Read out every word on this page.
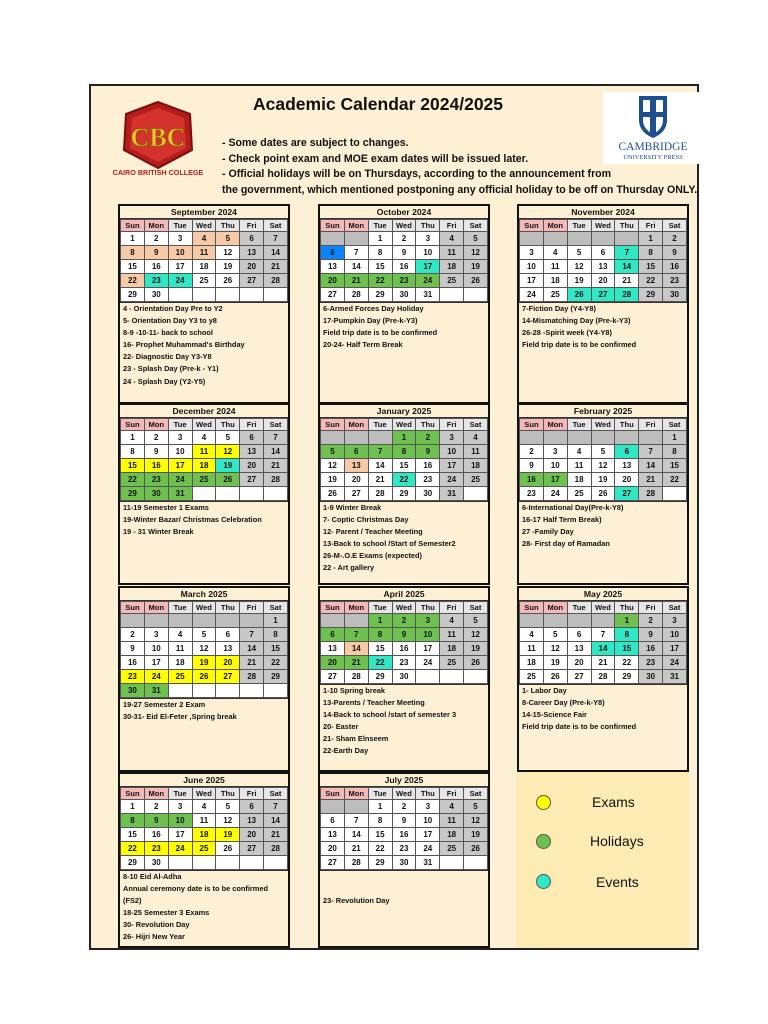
CBC
CAIRO BRITISH COLLEGE
CAMBRIDGE
UNIVERSITY PRESS
Academic Calendar 2024/2025
- Some dates are subject to changes.
- Check point exam and MOE exam dates will be issued later.
- Official holidays will be on Thursdays, according to the announcement from
the government, which mentioned postponing any official holiday to be off on Thursday ONLY.
September 2024
Sun	Mon	Tue	Wed	Thu	Fri	Sat
1	2	3	4	5	6	7
8	9	10	11	12	13	14
15	16	17	18	19	20	21
22	23	24	25	26	27	28
29	30					
4 - Orientation Day Pre to Y2
5- Orientation Day Y3 to y8
8-9 -10-11- back to school
16- Prophet Muhammad's Birthday
22- Diagnostic Day Y3-Y8
23 - Splash Day (Pre-k - Y1)
24 - Splash Day (Y2-Y5)
October 2024
Sun	Mon	Tue	Wed	Thu	Fri	Sat
		1	2	3	4	5
6	7	8	9	10	11	12
13	14	15	16	17	18	19
20	21	22	23	24	25	26
27	28	29	30	31		
6-Armed Forces Day Holiday
17-Pumpkin Day (Pre-k-Y3)
Field trip date is to be confirmed
20-24- Half Term Break
November 2024
Sun	Mon	Tue	Wed	Thu	Fri	Sat
					1	2
3	4	5	6	7	8	9
10	11	12	13	14	15	16
17	18	19	20	21	22	23
24	25	26	27	28	29	30
7-Fiction Day (Y4-Y8)
14-Mismatching Day (Pre-k-Y3)
26-28 -Spirit week (Y4-Y8)
Field trip date is to be confirmed
December 2024
Sun	Mon	Tue	Wed	Thu	Fri	Sat
1	2	3	4	5	6	7
8	9	10	11	12	13	14
15	16	17	18	19	20	21
22	23	24	25	26	27	28
29	30	31				
11-19 Semester 1 Exams
19-Winter Bazar/ Christmas Celebration
19 - 31 Winter Break
January 2025
Sun	Mon	Tue	Wed	Thu	Fri	Sat
			1	2	3	4
5	6	7	8	9	10	11
12	13	14	15	16	17	18
19	20	21	22	23	24	25
26	27	28	29	30	31	
1-9 Winter Break
7- Coptic Christmas Day
12- Parent / Teacher Meeting
13-Back to school /Start of Semester2
26-M-.O.E Exams (expected)
22 - Art gallery
February 2025
Sun	Mon	Tue	Wed	Thu	Fri	Sat
						1
2	3	4	5	6	7	8
9	10	11	12	13	14	15
16	17	18	19	20	21	22
23	24	25	26	27	28	
6-International Day(Pre-k-Y8)
16-17 Half Term Break)
27 -Family Day
28- First day of Ramadan
March 2025
Sun	Mon	Tue	Wed	Thu	Fri	Sat
						1
2	3	4	5	6	7	8
9	10	11	12	13	14	15
16	17	18	19	20	21	22
23	24	25	26	27	28	29
30	31					
19-27 Semester 2 Exam
30-31- Eid El-Feter ,Spring break
April 2025
Sun	Mon	Tue	Wed	Thu	Fri	Sat
		1	2	3	4	5
6	7	8	9	10	11	12
13	14	15	16	17	18	19
20	21	22	23	24	25	26
27	28	29	30			
1-10 Spring break
13-Parents / Teacher Meeting
14-Back to school /start of semester 3
20- Easter
21- Sham Elnseem
22-Earth Day
May 2025
Sun	Mon	Tue	Wed	Thu	Fri	Sat
				1	2	3
4	5	6	7	8	9	10
11	12	13	14	15	16	17
18	19	20	21	22	23	24
25	26	27	28	29	30	31
1- Labor Day
8-Career Day (Pre-k-Y8)
14-15-Science Fair
Field trip date is to be confirmed
June 2025
Sun	Mon	Tue	Wed	Thu	Fri	Sat
1	2	3	4	5	6	7
8	9	10	11	12	13	14
15	16	17	18	19	20	21
22	23	24	25	26	27	28
29	30					
8-10 Eid Al-Adha
Annual ceremony date is to be confirmed
(FS2)
18-25 Semester 3 Exams
30- Revolution Day
26- Hijri New Year
July 2025
Sun	Mon	Tue	Wed	Thu	Fri	Sat
		1	2	3	4	5
6	7	8	9	10	11	12
13	14	15	16	17	18	19
20	21	22	23	24	25	26
27	28	29	30	31		

23- Revolution Day
Exams
Holidays
Events
